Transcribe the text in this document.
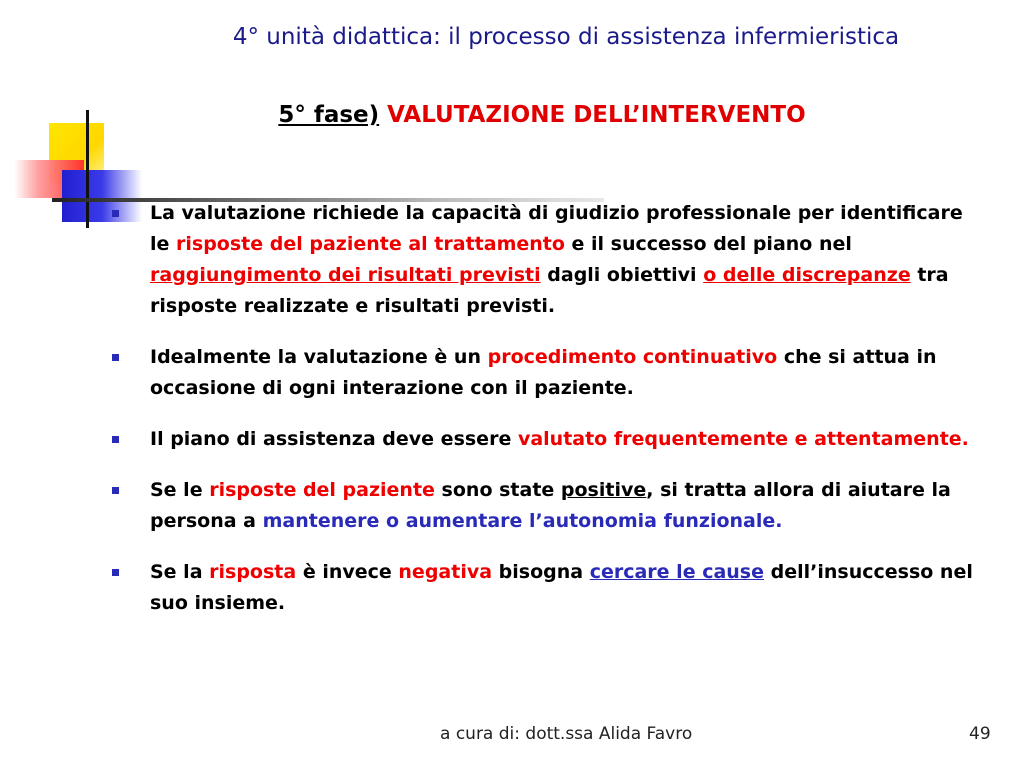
4° unità didattica: il processo di assistenza infermieristica
5° fase) VALUTAZIONE DELL’INTERVENTO
La valutazione richiede la capacità di giudizio professionale per identificare le risposte del paziente al trattamento e il successo del piano nel raggiungimento dei risultati previsti dagli obiettivi o delle discrepanze tra risposte realizzate e risultati previsti.
Idealmente la valutazione è un procedimento continuativo che si attua in occasione di ogni interazione con il paziente.
Il piano di assistenza deve essere valutato frequentemente e attentamente.
Se le risposte del paziente sono state positive, si tratta allora di aiutare la persona a mantenere o aumentare l’autonomia funzionale.
Se la risposta è invece negativa bisogna cercare le cause dell’insuccesso nel suo insieme.
a cura di: dott.ssa Alida Favro	49
